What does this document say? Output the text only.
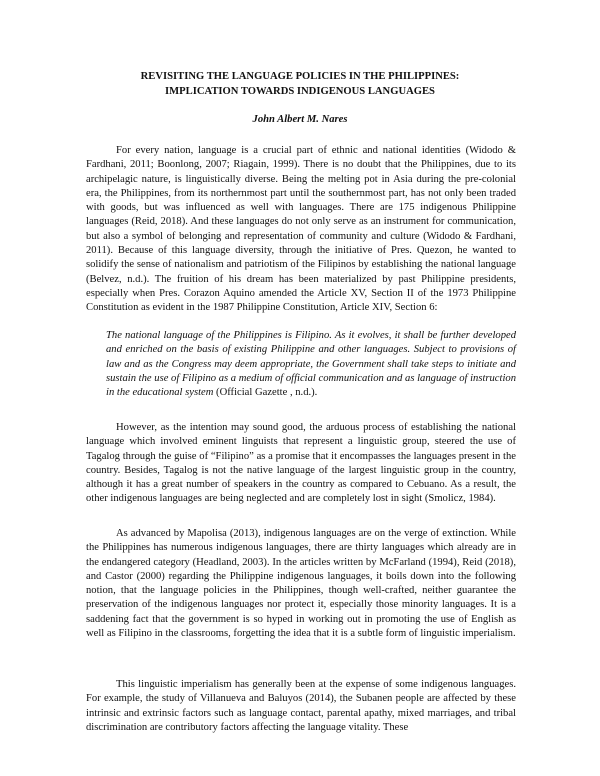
REVISITING THE LANGUAGE POLICIES IN THE PHILIPPINES:
IMPLICATION TOWARDS INDIGENOUS LANGUAGES
John Albert M. Nares

For every nation, language is a crucial part of ethnic and national identities (Widodo & Fardhani, 2011; Boonlong, 2007; Riagain, 1999). There is no doubt that the Philippines, due to its archipelagic nature, is linguistically diverse. Being the melting pot in Asia during the pre-colonial era, the Philippines, from its northernmost part until the southernmost part, has not only been traded with goods, but was influenced as well with languages. There are 175 indigenous Philippine languages (Reid, 2018). And these languages do not only serve as an instrument for communication, but also a symbol of belonging and representation of community and culture (Widodo & Fardhani, 2011). Because of this language diversity, through the initiative of Pres. Quezon, he wanted to solidify the sense of nationalism and patriotism of the Filipinos by establishing the national language (Belvez, n.d.). The fruition of his dream has been materialized by past Philippine presidents, especially when Pres. Corazon Aquino amended the Article XV, Section II of the 1973 Philippine Constitution as evident in the 1987 Philippine Constitution, Article XIV, Section 6:

The national language of the Philippines is Filipino. As it evolves, it shall be further developed and enriched on the basis of existing Philippine and other languages. Subject to provisions of law and as the Congress may deem appropriate, the Government shall take steps to initiate and sustain the use of Filipino as a medium of official communication and as language of instruction in the educational system (Official Gazette , n.d.).

However, as the intention may sound good, the arduous process of establishing the national language which involved eminent linguists that represent a linguistic group, steered the use of Tagalog through the guise of “Filipino” as a promise that it encompasses the languages present in the country. Besides, Tagalog is not the native language of the largest linguistic group in the country, although it has a great number of speakers in the country as compared to Cebuano. As a result, the other indigenous languages are being neglected and are completely lost in sight (Smolicz, 1984).

As advanced by Mapolisa (2013), indigenous languages are on the verge of extinction. While the Philippines has numerous indigenous languages, there are thirty languages which already are in the endangered category (Headland, 2003). In the articles written by McFarland (1994), Reid (2018), and Castor (2000) regarding the Philippine indigenous languages, it boils down into the following notion, that the language policies in the Philippines, though well-crafted, neither guarantee the preservation of the indigenous languages nor protect it, especially those minority languages. It is a saddening fact that the government is so hyped in working out in promoting the use of English as well as Filipino in the classrooms, forgetting the idea that it is a subtle form of linguistic imperialism.

This linguistic imperialism has generally been at the expense of some indigenous languages. For example, the study of Villanueva and Baluyos (2014), the Subanen people are affected by these intrinsic and extrinsic factors such as language contact, parental apathy, mixed marriages, and tribal discrimination are contributory factors affecting the language vitality. These
